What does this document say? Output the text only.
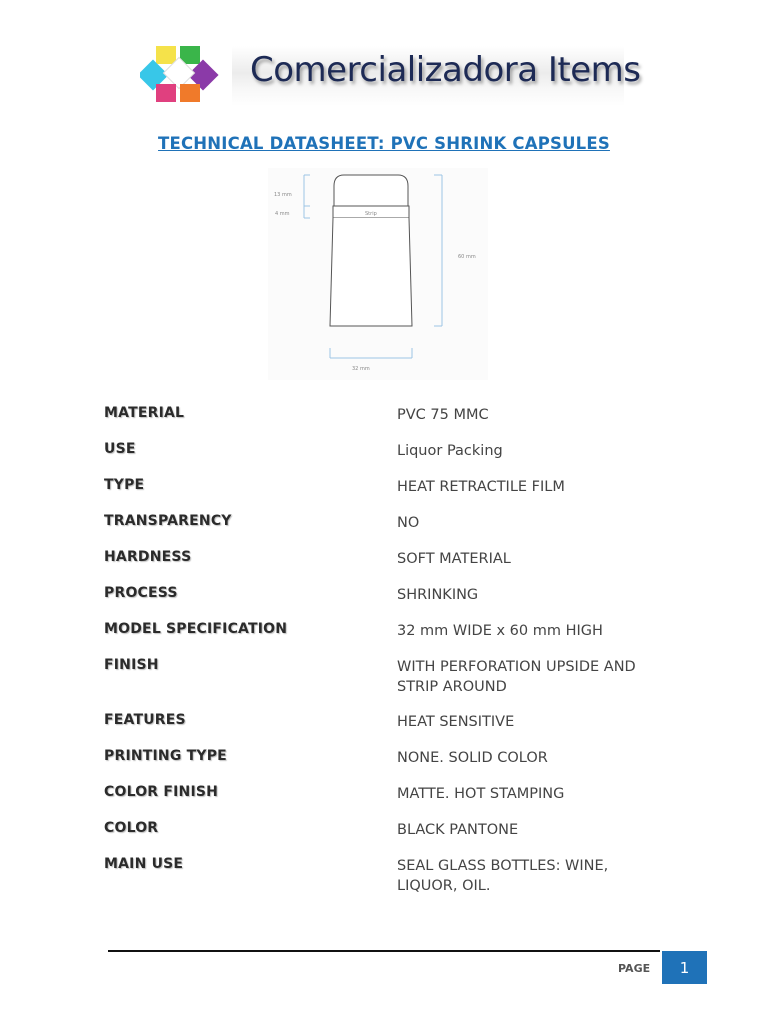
Comercializadora Items
TECHNICAL DATASHEET: PVC SHRINK CAPSULES
13 mm
4 mm	Strip
60 mm
32 mm
MATERIAL	PVC 75 MMC
USE	Liquor Packing
TYPE	HEAT RETRACTILE FILM
TRANSPARENCY	NO
HARDNESS	SOFT MATERIAL
PROCESS	SHRINKING
MODEL SPECIFICATION	32 mm WIDE x 60 mm HIGH
FINISH	WITH PERFORATION UPSIDE AND STRIP AROUND
FEATURES	HEAT SENSITIVE
PRINTING TYPE	NONE. SOLID COLOR
COLOR FINISH	MATTE. HOT STAMPING
COLOR	BLACK PANTONE
MAIN USE	SEAL GLASS BOTTLES: WINE, LIQUOR, OIL.
PAGE	1
